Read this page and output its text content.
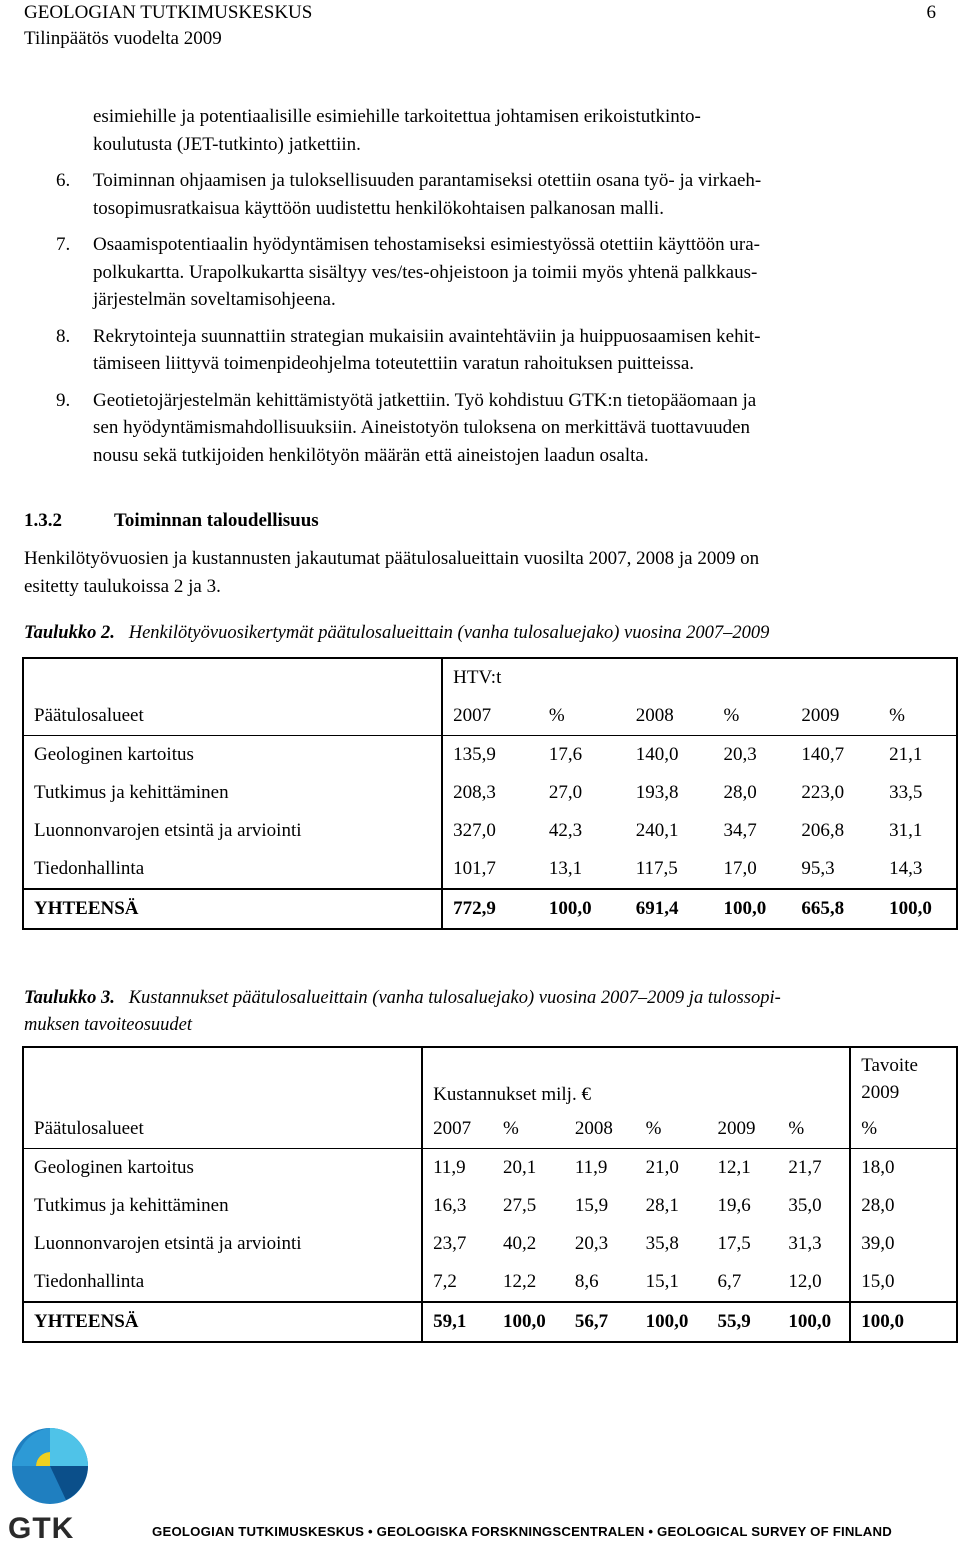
GEOLOGIAN TUTKIMUSKESKUS	6
Tilinpäätös vuodelta 2009
esimiehille ja potentiaalisille esimiehille tarkoitettua johtamisen erikoistutkinto-
koulutusta (JET-tutkinto) jatkettiin.
6.	Toiminnan ohjaamisen ja tuloksellisuuden parantamiseksi otettiin osana työ- ja virkaeh-
tosopimusratkaisua käyttöön uudistettu henkilökohtaisen palkanosan malli.
7.	Osaamispotentiaalin hyödyntämisen tehostamiseksi esimiestyössä otettiin käyttöön ura-
polkukartta. Urapolkukartta sisältyy ves/tes-ohjeistoon ja toimii myös yhtenä palkkaus-
järjestelmän soveltamisohjeena.
8.	Rekrytointeja suunnattiin strategian mukaisiin avaintehtäviin ja huippuosaamisen kehit-
tämiseen liittyvä toimenpideohjelma toteutettiin varatun rahoituksen puitteissa.
9.	Geotietojärjestelmän kehittämistyötä jatkettiin. Työ kohdistuu GTK:n tietopääomaan ja
sen hyödyntämismahdollisuuksiin. Aineistotyön tuloksena on merkittävä tuottavuuden
nousu sekä tutkijoiden henkilötyön määrän että aineistojen laadun osalta.
1.3.2	Toiminnan taloudellisuus
Henkilötyövuosien ja kustannusten jakautumat päätulosalueittain vuosilta 2007, 2008 ja 2009 on
esitetty taulukoissa 2 ja 3.
Taulukko 2. Henkilötyövuosikertymät päätulosalueittain (vanha tulosaluejako) vuosina 2007–2009
	HTV:t					
Päätulosalueet	2007	%	2008	%	2009	%
Geologinen kartoitus	135,9	17,6	140,0	20,3	140,7	21,1
Tutkimus ja kehittäminen	208,3	27,0	193,8	28,0	223,0	33,5
Luonnonvarojen etsintä ja arviointi	327,0	42,3	240,1	34,7	206,8	31,1
Tiedonhallinta	101,7	13,1	117,5	17,0	95,3	14,3
YHTEENSÄ	772,9	100,0	691,4	100,0	665,8	100,0
Taulukko 3. Kustannukset päätulosalueittain (vanha tulosaluejako) vuosina 2007–2009 ja tulossopi-
muksen tavoiteosuudet
	Kustannukset milj. €						Tavoite
2009
Päätulosalueet	2007	%	2008	%	2009	%	%
Geologinen kartoitus	11,9	20,1	11,9	21,0	12,1	21,7	18,0
Tutkimus ja kehittäminen	16,3	27,5	15,9	28,1	19,6	35,0	28,0
Luonnonvarojen etsintä ja arviointi	23,7	40,2	20,3	35,8	17,5	31,3	39,0
Tiedonhallinta	7,2	12,2	8,6	15,1	6,7	12,0	15,0
YHTEENSÄ	59,1	100,0	56,7	100,0	55,9	100,0	100,0
GTK	GEOLOGIAN TUTKIMUSKESKUS • GEOLOGISKA FORSKNINGSCENTRALEN • GEOLOGICAL SURVEY OF FINLAND
